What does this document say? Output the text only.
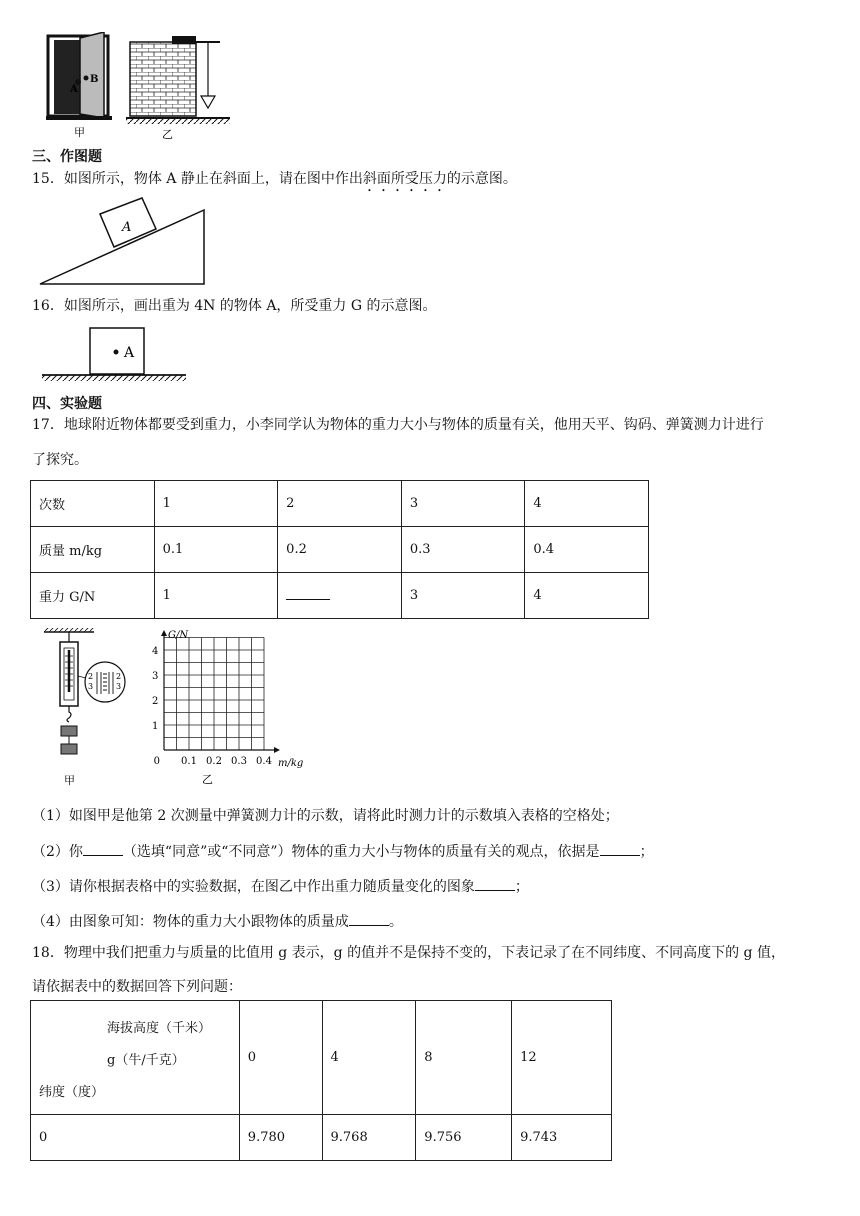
A
B
甲	乙
三、作图题
15．如图所示，物体 A 静止在斜面上，请在图中作出斜面所受压力的示意图。
A
16．如图所示，画出重为 4N 的物体 A，所受重力 G 的示意图。
A
四、实验题
17．地球附近物体都要受到重力，小李同学认为物体的重力大小与物体的质量有关，他用天平、钩码、弹簧测力计进行
了探究。
次数	1	2	3	4
质量 m/kg	0.1	0.2	0.3	0.4
重力 G/N	1		3	4
2
3
2
3
甲
G/N
m/kg
1
2
3
4
0 0.1 0.2 0.3 0.4
乙
（1）如图甲是他第 2 次测量中弹簧测力计的示数，请将此时测力计的示数填入表格的空格处；
（2）你	（选填“同意”或“不同意”）物体的重力大小与物体的质量有关的观点，依据是	；
（3）请你根据表格中的实验数据，在图乙中作出重力随质量变化的图象	；
（4）由图象可知：物体的重力大小跟物体的质量成	。
18．物理中我们把重力与质量的比值用 g 表示，g 的值并不是保持不变的，下表记录了在不同纬度、不同高度下的 g 值，
请依据表中的数据回答下列问题：
海拔高度（千米）
g（牛/千克）
纬度（度）	0	4	8	12
0	9.780	9.768	9.756	9.743
